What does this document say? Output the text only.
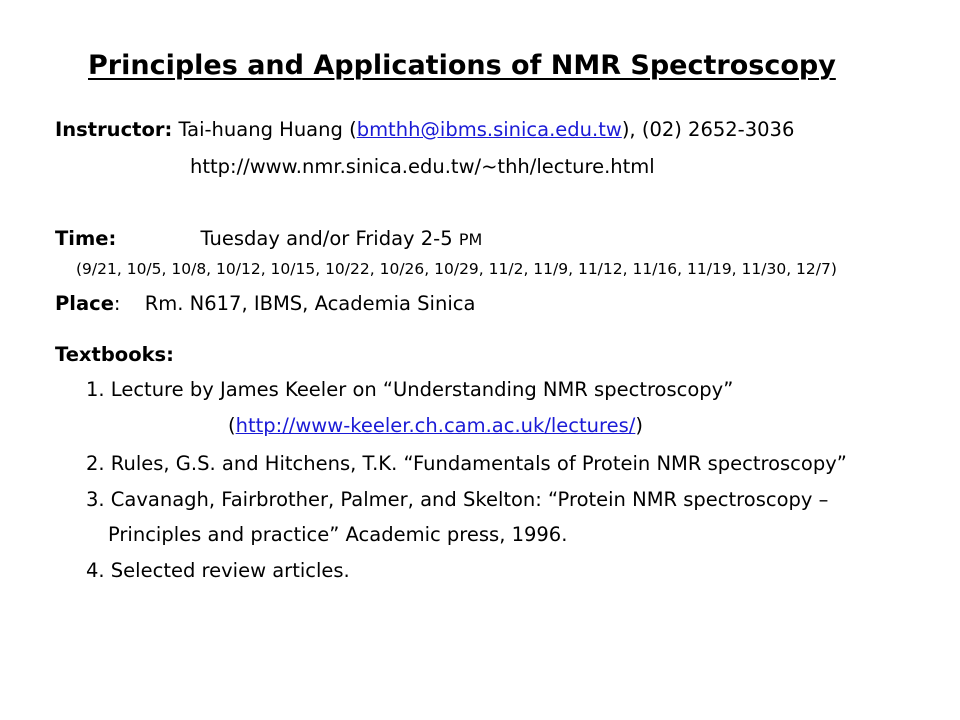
Principles and Applications of NMR Spectroscopy
Instructor: Tai-huang Huang (bmthh@ibms.sinica.edu.tw), (02) 2652-3036
http://www.nmr.sinica.edu.tw/~thh/lecture.html
Time:	Tuesday and/or Friday 2-5 PM
(9/21, 10/5, 10/8, 10/12, 10/15, 10/22, 10/26, 10/29, 11/2, 11/9, 11/12, 11/16, 11/19, 11/30, 12/7)
Place: Rm. N617, IBMS, Academia Sinica
Textbooks:
1. Lecture by James Keeler on “Understanding NMR spectroscopy”
(http://www-keeler.ch.cam.ac.uk/lectures/)
2. Rules, G.S. and Hitchens, T.K. “Fundamentals of Protein NMR spectroscopy”
3. Cavanagh, Fairbrother, Palmer, and Skelton: “Protein NMR spectroscopy –
Principles and practice” Academic press, 1996.
4. Selected review articles.
